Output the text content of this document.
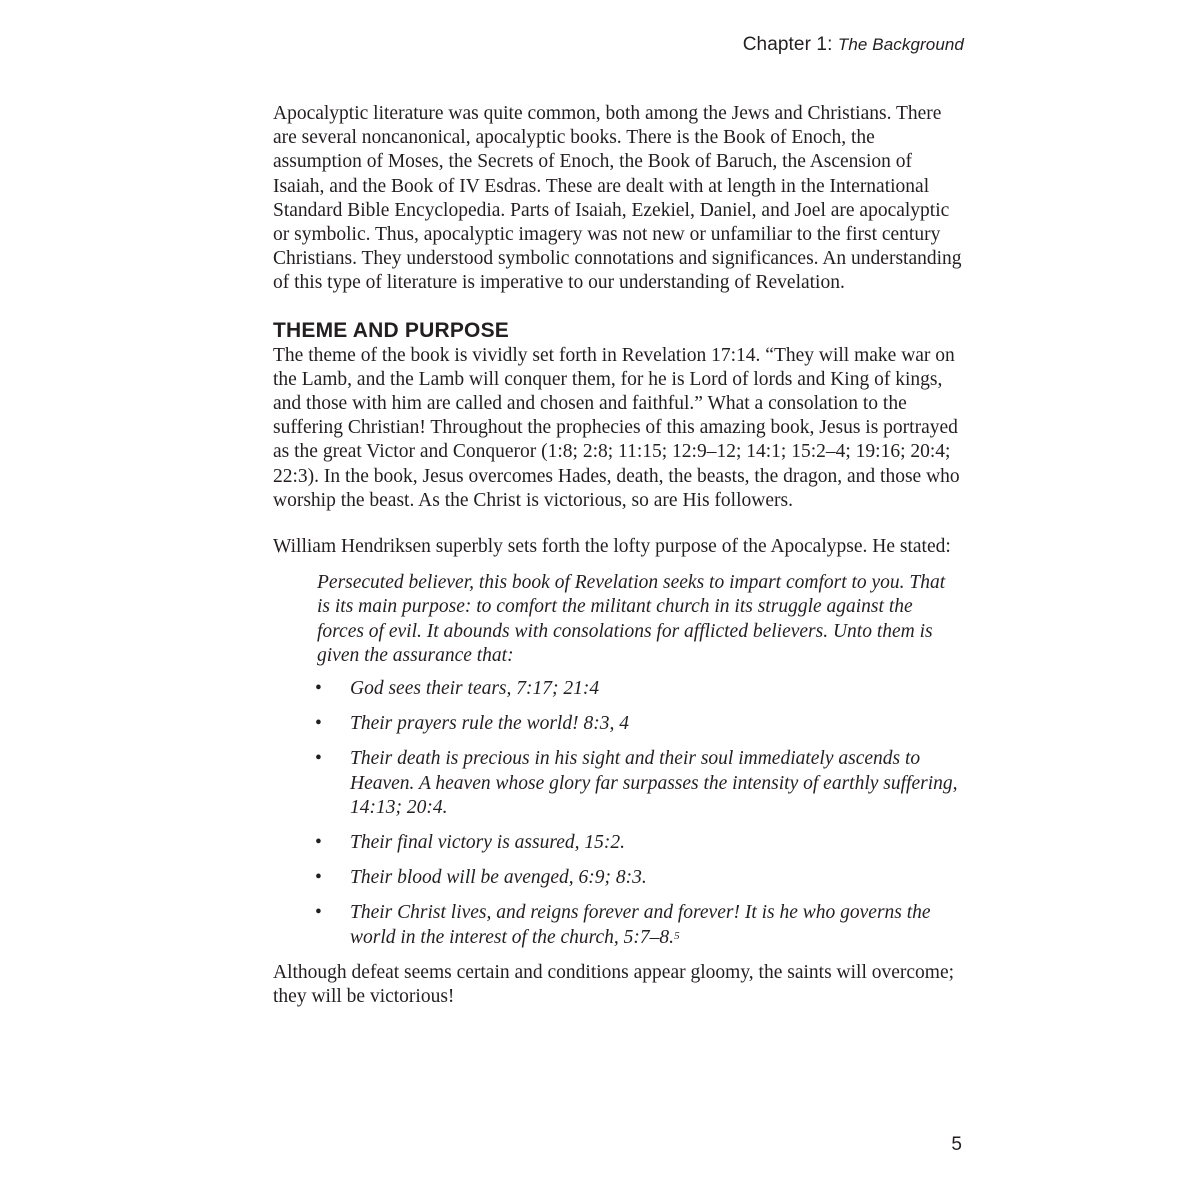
Chapter 1: The Background

Apocalyptic literature was quite common, both among the Jews and Christians. There are several noncanonical, apocalyptic books. There is the Book of Enoch, the assumption of Moses, the Secrets of Enoch, the Book of Baruch, the Ascension of Isaiah, and the Book of IV Esdras. These are dealt with at length in the International Standard Bible Encyclopedia. Parts of Isaiah, Ezekiel, Daniel, and Joel are apocalyptic or symbolic. Thus, apocalyptic imagery was not new or unfamiliar to the first century Christians. They understood symbolic connotations and significances. An understanding of this type of literature is imperative to our understanding of Revelation.

THEME AND PURPOSE

The theme of the book is vividly set forth in Revelation 17:14. “They will make war on the Lamb, and the Lamb will conquer them, for he is Lord of lords and King of kings, and those with him are called and chosen and faithful.” What a consolation to the suffering Christian! Throughout the prophecies of this amazing book, Jesus is portrayed as the great Victor and Conqueror (1:8; 2:8; 11:15; 12:9–12; 14:1; 15:2–4; 19:16; 20:4; 22:3). In the book, Jesus overcomes Hades, death, the beasts, the dragon, and those who worship the beast. As the Christ is victorious, so are His followers.

William Hendriksen superbly sets forth the lofty purpose of the Apocalypse. He stated:

Persecuted believer, this book of Revelation seeks to impart comfort to you. That is its main purpose: to comfort the militant church in its struggle against the forces of evil. It abounds with consolations for afflicted believers. Unto them is given the assurance that:
• God sees their tears, 7:17; 21:4
• Their prayers rule the world! 8:3, 4
• Their death is precious in his sight and their soul immediately ascends to Heaven. A heaven whose glory far surpasses the intensity of earthly suffering, 14:13; 20:4.
• Their final victory is assured, 15:2.
• Their blood will be avenged, 6:9; 8:3.
• Their Christ lives, and reigns forever and forever! It is he who governs the world in the interest of the church, 5:7–8.$^5$

Although defeat seems certain and conditions appear gloomy, the saints will overcome; they will be victorious!

5
